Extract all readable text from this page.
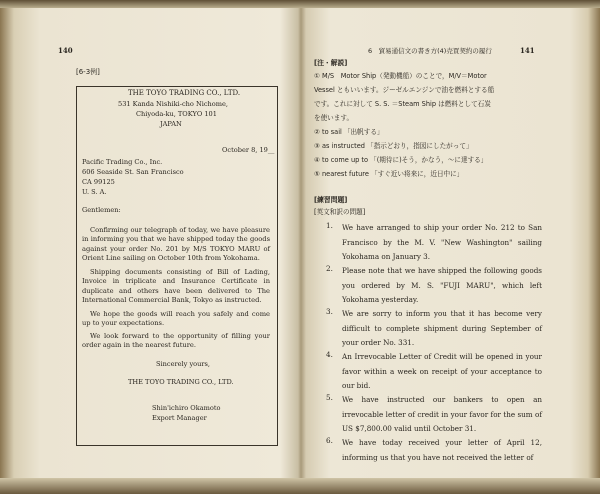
140
[6-3例]
THE TOYO TRADING CO., LTD.
531 Kanda Nishiki-cho Nichome,
Chiyoda-ku, TOKYO 101
JAPAN
October 8, 19__
Pacific Trading Co., Inc.
606 Seaside St. San Francisco
CA 99125
U. S. A.
Gentlemen:
Confirming our telegraph of today, we have pleasure in informing you that we have shipped today the goods against your order No. 201 by M/S TOKYO MARU of Orient Line sailing on October 10th from Yokohama.
Shipping documents consisting of Bill of Lading, Invoice in triplicate and Insurance Certificate in duplicate and others have been delivered to The International Commercial Bank, Tokyo as instructed.
We hope the goods will reach you safely and come up to your expectations.
We look forward to the opportunity of filling your order again in the nearest future.
Sincerely yours,
THE TOYO TRADING CO., LTD.
Shin'ichiro Okamoto
Export Manager
6　貿易通信文の書き方(4)売買契約の履行	141
[注・解説]
① M/S　Motor Ship（発動機船）のことで，M/V＝Motor
Vessel ともいいます。ジーゼルエンジンで油を燃料とする船
です。これに対して S. S. ＝Steam Ship は燃料として石炭
を使います。
② to sail 「出帆する」
③ as instructed 「指示どおり，指図にしたがって」
④ to come up to 「(期待に)そう，かなう，～に達する」
⑤ nearest future 「すぐ近い将来に，近日中に」
[練習問題]
[英文和訳の問題]
1. We have arranged to ship your order No. 212 to San Francisco by the M. V. "New Washington" sailing Yokohama on January 3.
2. Please note that we have shipped the following goods you ordered by M. S. "FUJI MARU", which left Yokohama yesterday.
3. We are sorry to inform you that it has become very difficult to complete shipment during September of your order No. 331.
4. An Irrevocable Letter of Credit will be opened in your favor within a week on receipt of your acceptance to our bid.
5. We have instructed our bankers to open an irrevocable letter of credit in your favor for the sum of US $7,800.00 valid until October 31.
6. We have today received your letter of April 12, informing us that you have not received the letter of
